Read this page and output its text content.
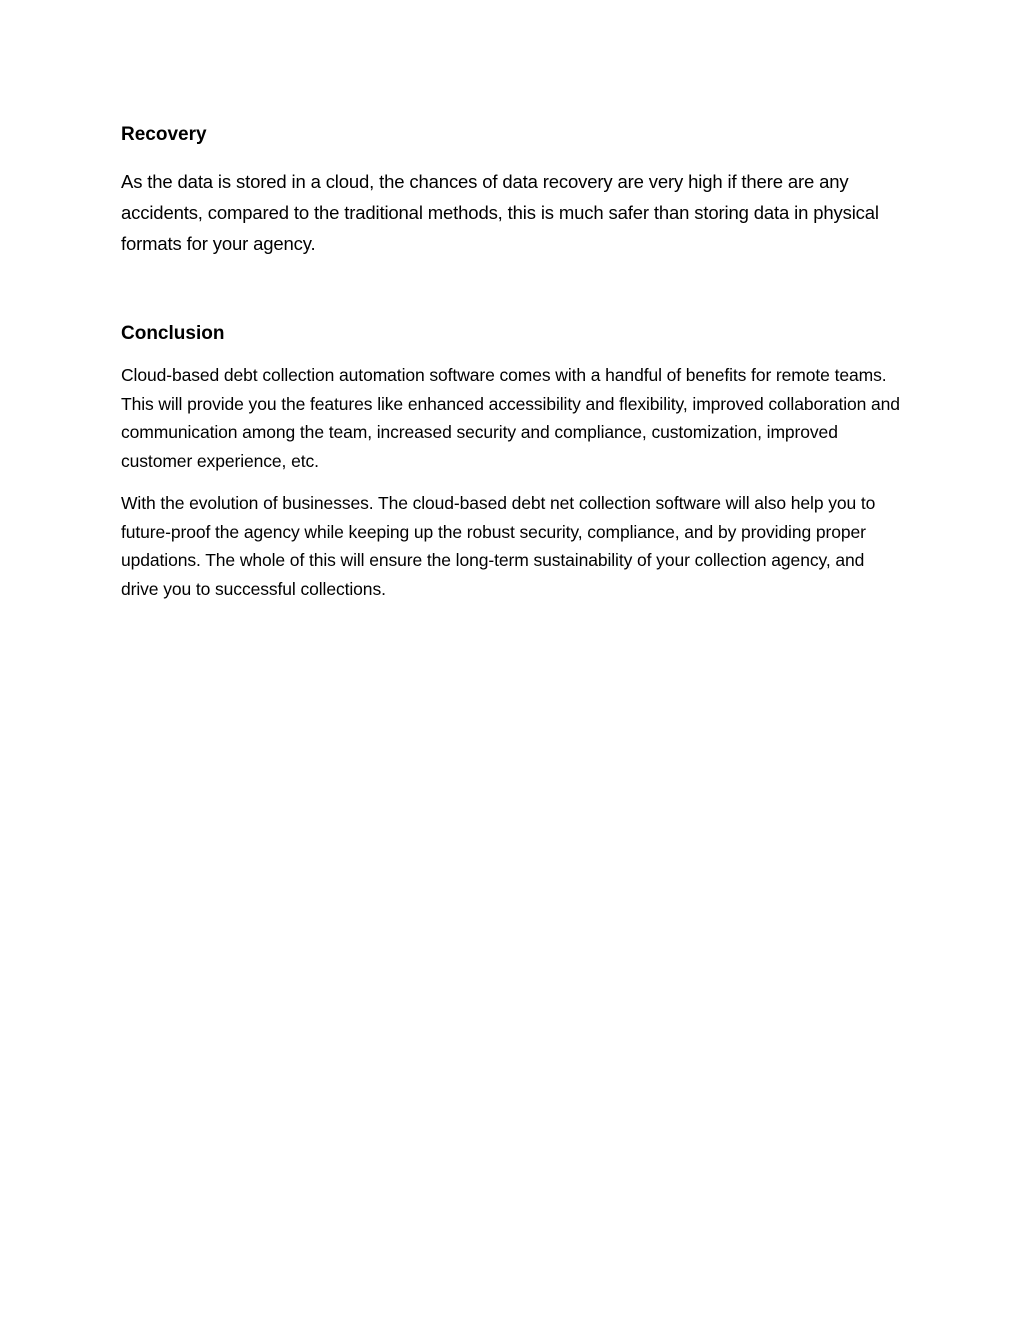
Recovery

As the data is stored in a cloud, the chances of data recovery are very high if there are any accidents, compared to the traditional methods, this is much safer than storing data in physical formats for your agency.

Conclusion

Cloud-based debt collection automation software comes with a handful of benefits for remote teams. This will provide you the features like enhanced accessibility and flexibility, improved collaboration and communication among the team, increased security and compliance, customization, improved customer experience, etc.

With the evolution of businesses. The cloud-based debt net collection software will also help you to future-proof the agency while keeping up the robust security, compliance, and by providing proper updations. The whole of this will ensure the long-term sustainability of your collection agency, and drive you to successful collections.
